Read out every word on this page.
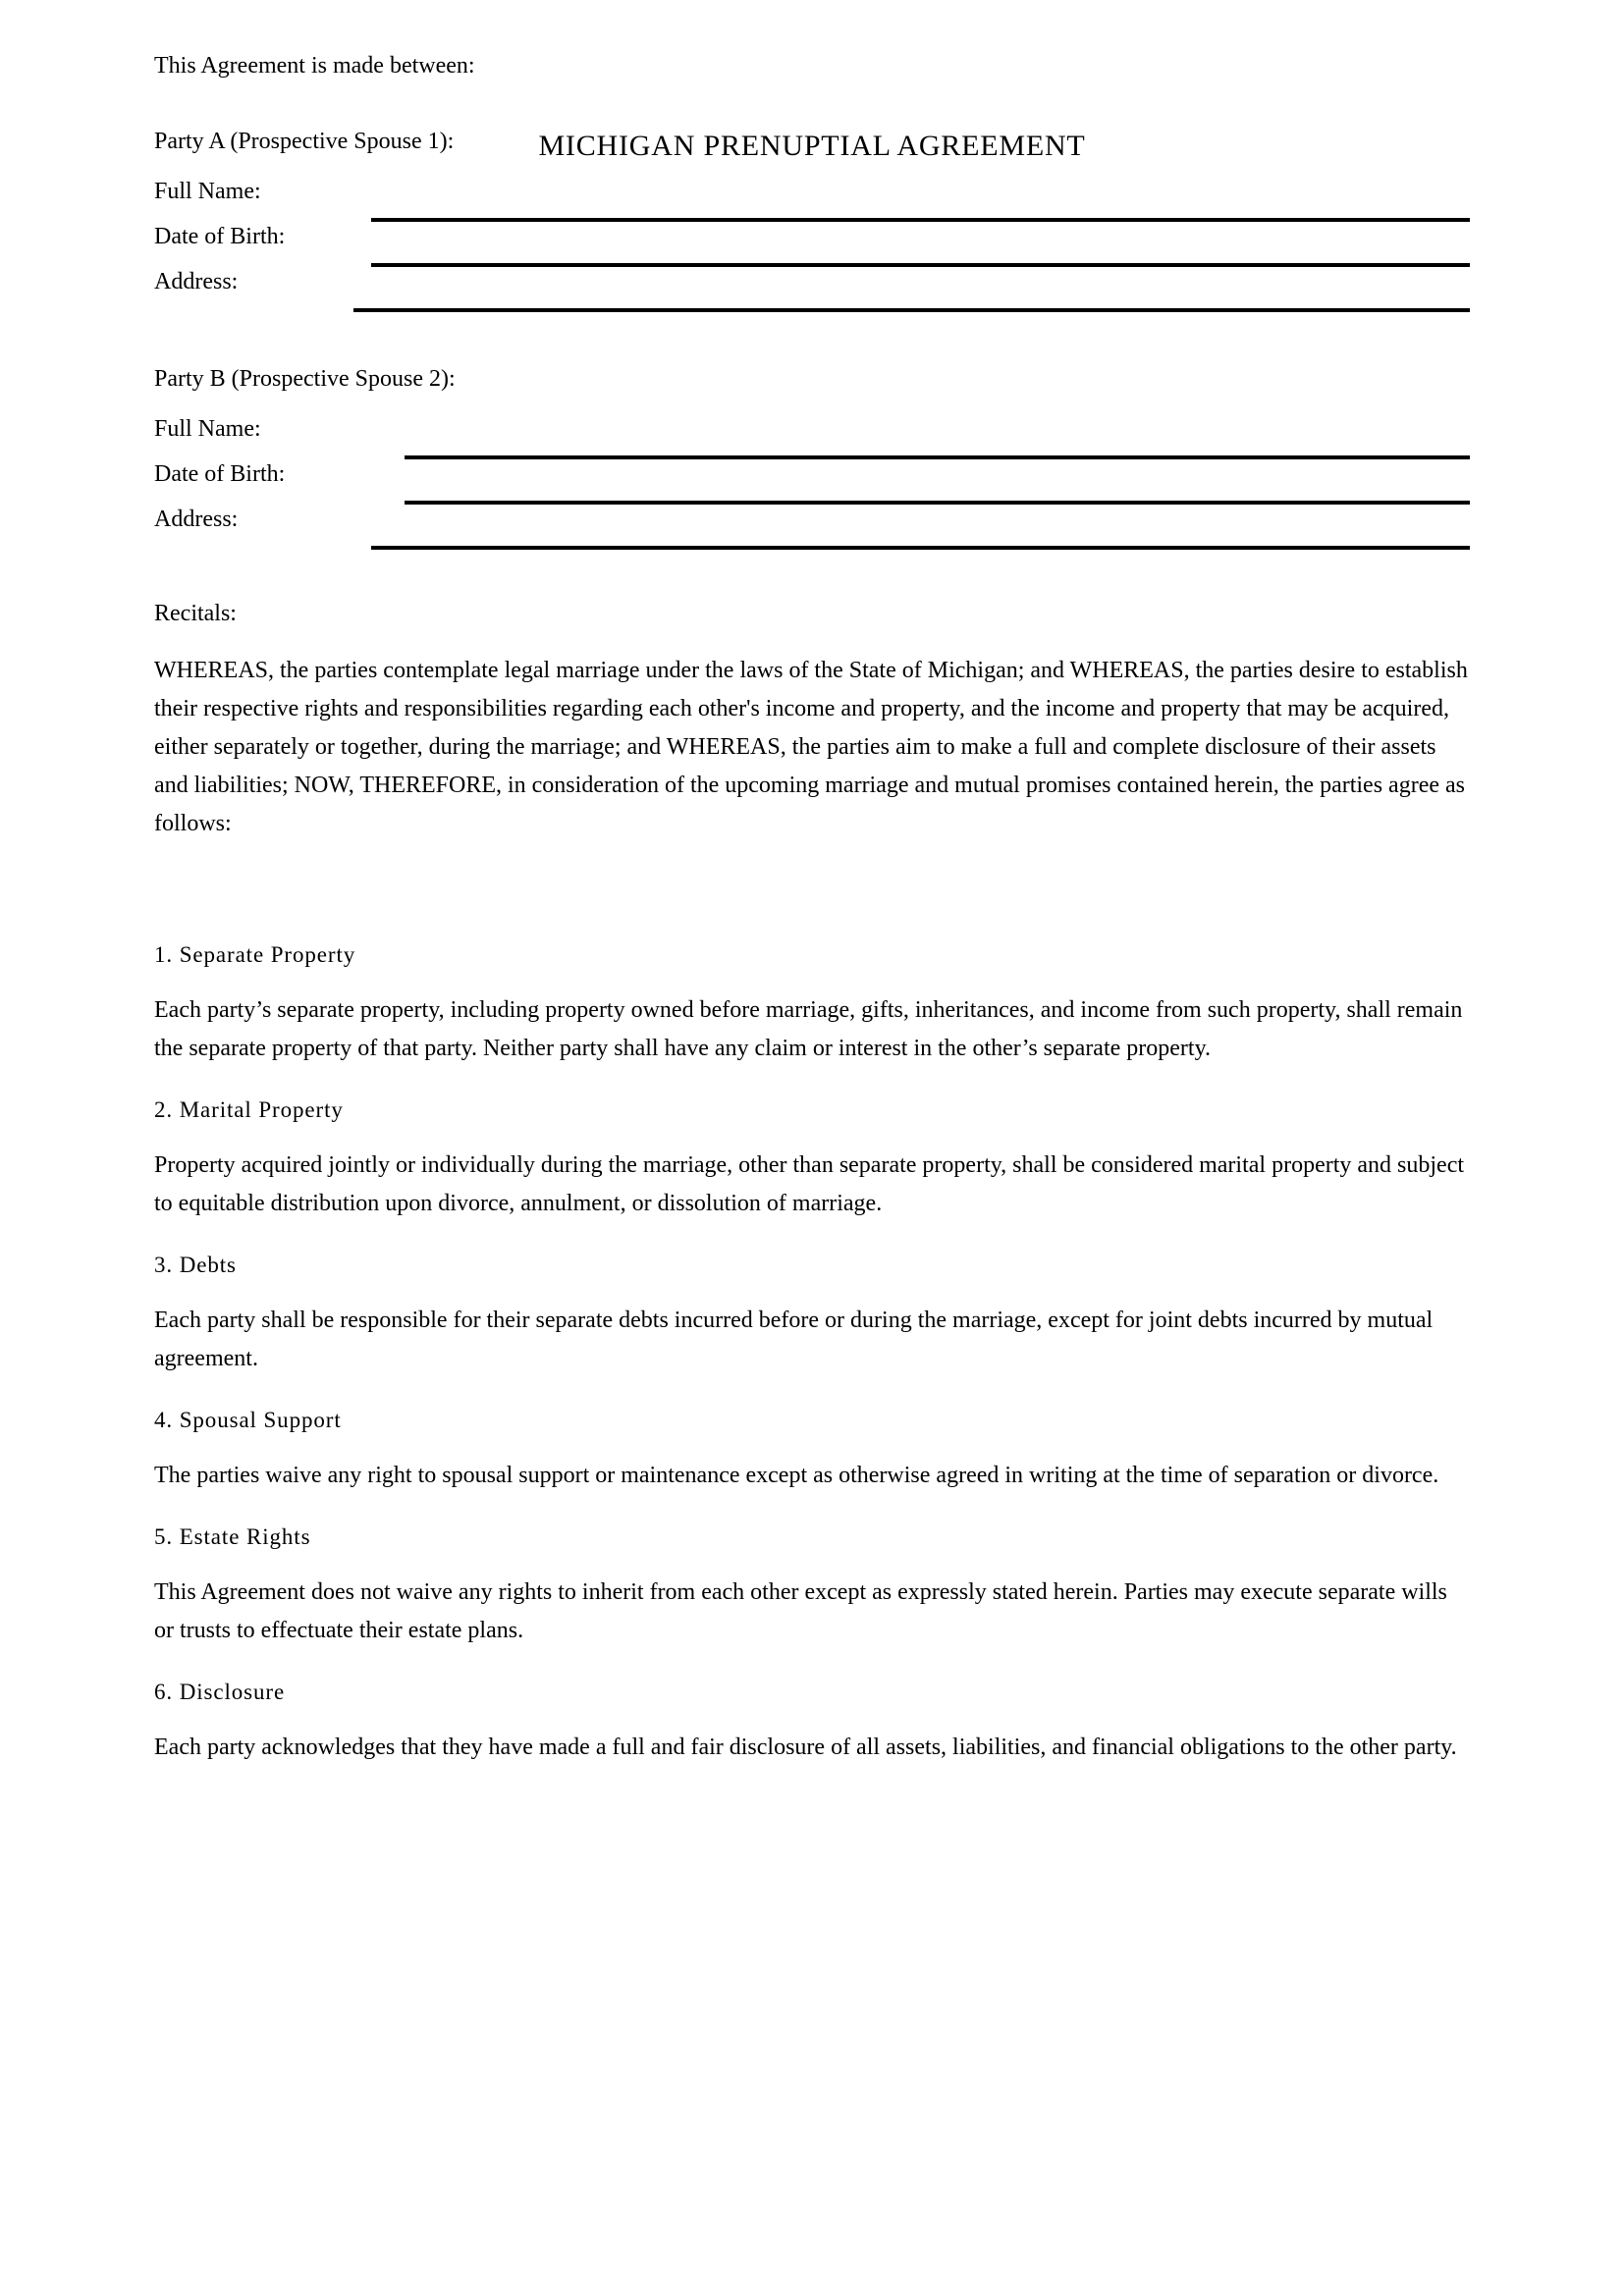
MICHIGAN PRENUPTIAL AGREEMENT
This Agreement is made between:
Party A (Prospective Spouse 1):
Full Name:
Date of Birth:
Address:
Party B (Prospective Spouse 2):
Full Name:
Date of Birth:
Address:
Recitals:
WHEREAS, the parties contemplate legal marriage under the laws of the State of Michigan; and WHEREAS, the parties desire to establish their respective rights and responsibilities regarding each other's income and property, and the income and property that may be acquired, either separately or together, during the marriage; and WHEREAS, the parties aim to make a full and complete disclosure of their assets and liabilities; NOW, THEREFORE, in consideration of the upcoming marriage and mutual promises contained herein, the parties agree as follows:
1. Separate Property
Each party’s separate property, including property owned before marriage, gifts, inheritances, and income from such property, shall remain the separate property of that party. Neither party shall have any claim or interest in the other’s separate property.
2. Marital Property
Property acquired jointly or individually during the marriage, other than separate property, shall be considered marital property and subject to equitable distribution upon divorce, annulment, or dissolution of marriage.
3. Debts
Each party shall be responsible for their separate debts incurred before or during the marriage, except for joint debts incurred by mutual agreement.
4. Spousal Support
The parties waive any right to spousal support or maintenance except as otherwise agreed in writing at the time of separation or divorce.
5. Estate Rights
This Agreement does not waive any rights to inherit from each other except as expressly stated herein. Parties may execute separate wills or trusts to effectuate their estate plans.
6. Disclosure
Each party acknowledges that they have made a full and fair disclosure of all assets, liabilities, and financial obligations to the other party.
